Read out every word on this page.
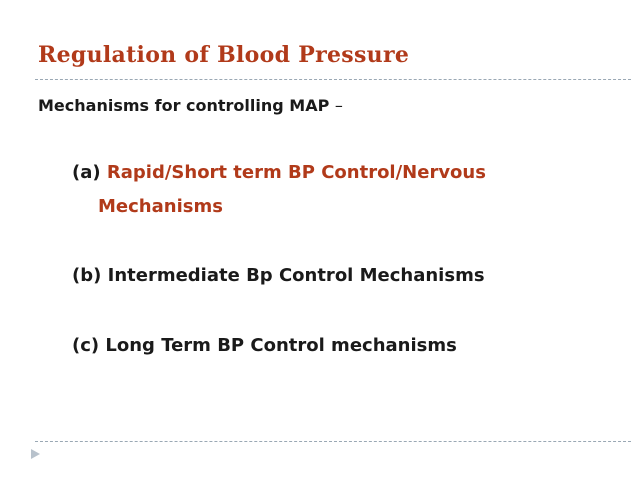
Regulation of Blood Pressure
Mechanisms for controlling MAP –
(a) Rapid/Short term BP Control/Nervous
Mechanisms
(b) Intermediate Bp Control Mechanisms
(c) Long Term BP Control mechanisms
